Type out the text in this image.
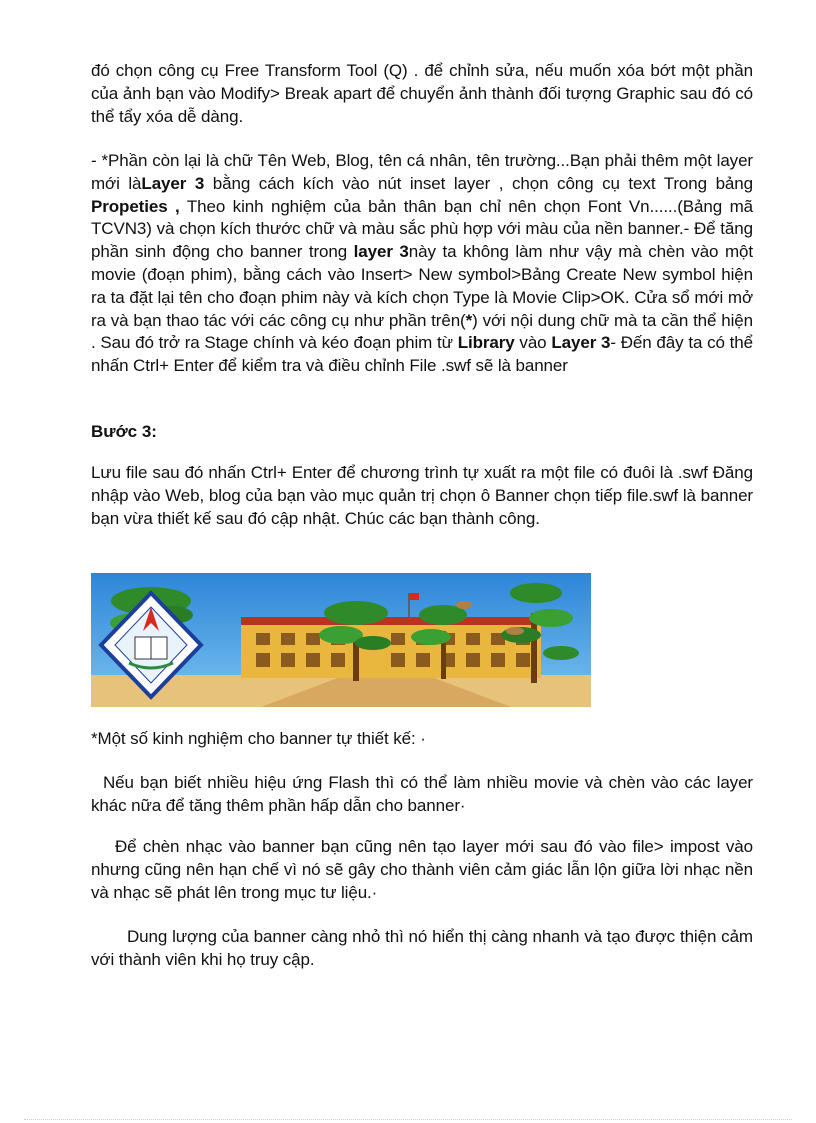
đó chọn công cụ Free Transform Tool (Q) . để chỉnh sửa, nếu muốn xóa bớt một phần của ảnh bạn vào Modify> Break apart để chuyển ảnh thành đối tượng Graphic sau đó có thể tẩy xóa dễ dàng.

- *Phần còn lại là chữ Tên Web, Blog, tên cá nhân, tên trường...Bạn phải thêm một layer mới làLayer 3 bằng cách kích vào nút inset layer , chọn công cụ text Trong bảng Propeties , Theo kinh nghiệm của bản thân bạn chỉ nên chọn Font Vn......(Bảng mã TCVN3) và chọn kích thước chữ và màu sắc phù hợp với màu của nền banner.- Để tăng phần sinh động cho banner trong layer 3này ta không làm như vậy mà chèn vào một movie (đoạn phim), bằng cách vào Insert> New symbol>Bảng Create New symbol hiện ra ta đặt lại tên cho đoạn phim này và kích chọn Type là Movie Clip>OK. Cửa sổ mới mở ra và bạn thao tác với các công cụ như phần trên(*) với nội dung chữ mà ta cần thể hiện . Sau đó trở ra Stage chính và kéo đoạn phim từ Library vào Layer 3- Đến đây ta có thể nhấn Ctrl+ Enter để kiểm tra và điều chỉnh File .swf sẽ là banner

Bước 3:

Lưu file sau đó nhấn Ctrl+ Enter để chương trình tự xuất ra một file có đuôi là .swf Đăng nhập vào Web, blog của bạn vào mục quản trị chọn ô Banner chọn tiếp file.swf là banner bạn vừa thiết kế sau đó cập nhật. Chúc các bạn thành công.

*Một số kinh nghiệm cho banner tự thiết kế: ·

Nếu bạn biết nhiều hiệu ứng Flash thì có thể làm nhiều movie và chèn vào các layer khác nữa để tăng thêm phần hấp dẫn cho banner·

Để chèn nhạc vào banner bạn cũng nên tạo layer mới sau đó vào file> impost vào nhưng cũng nên hạn chế vì nó sẽ gây cho thành viên cảm giác lẫn lộn giữa lời nhạc nền và nhạc sẽ phát lên trong mục tư liệu.·

Dung lượng của banner càng nhỏ thì nó hiển thị càng nhanh và tạo được thiện cảm với thành viên khi họ truy cập.
